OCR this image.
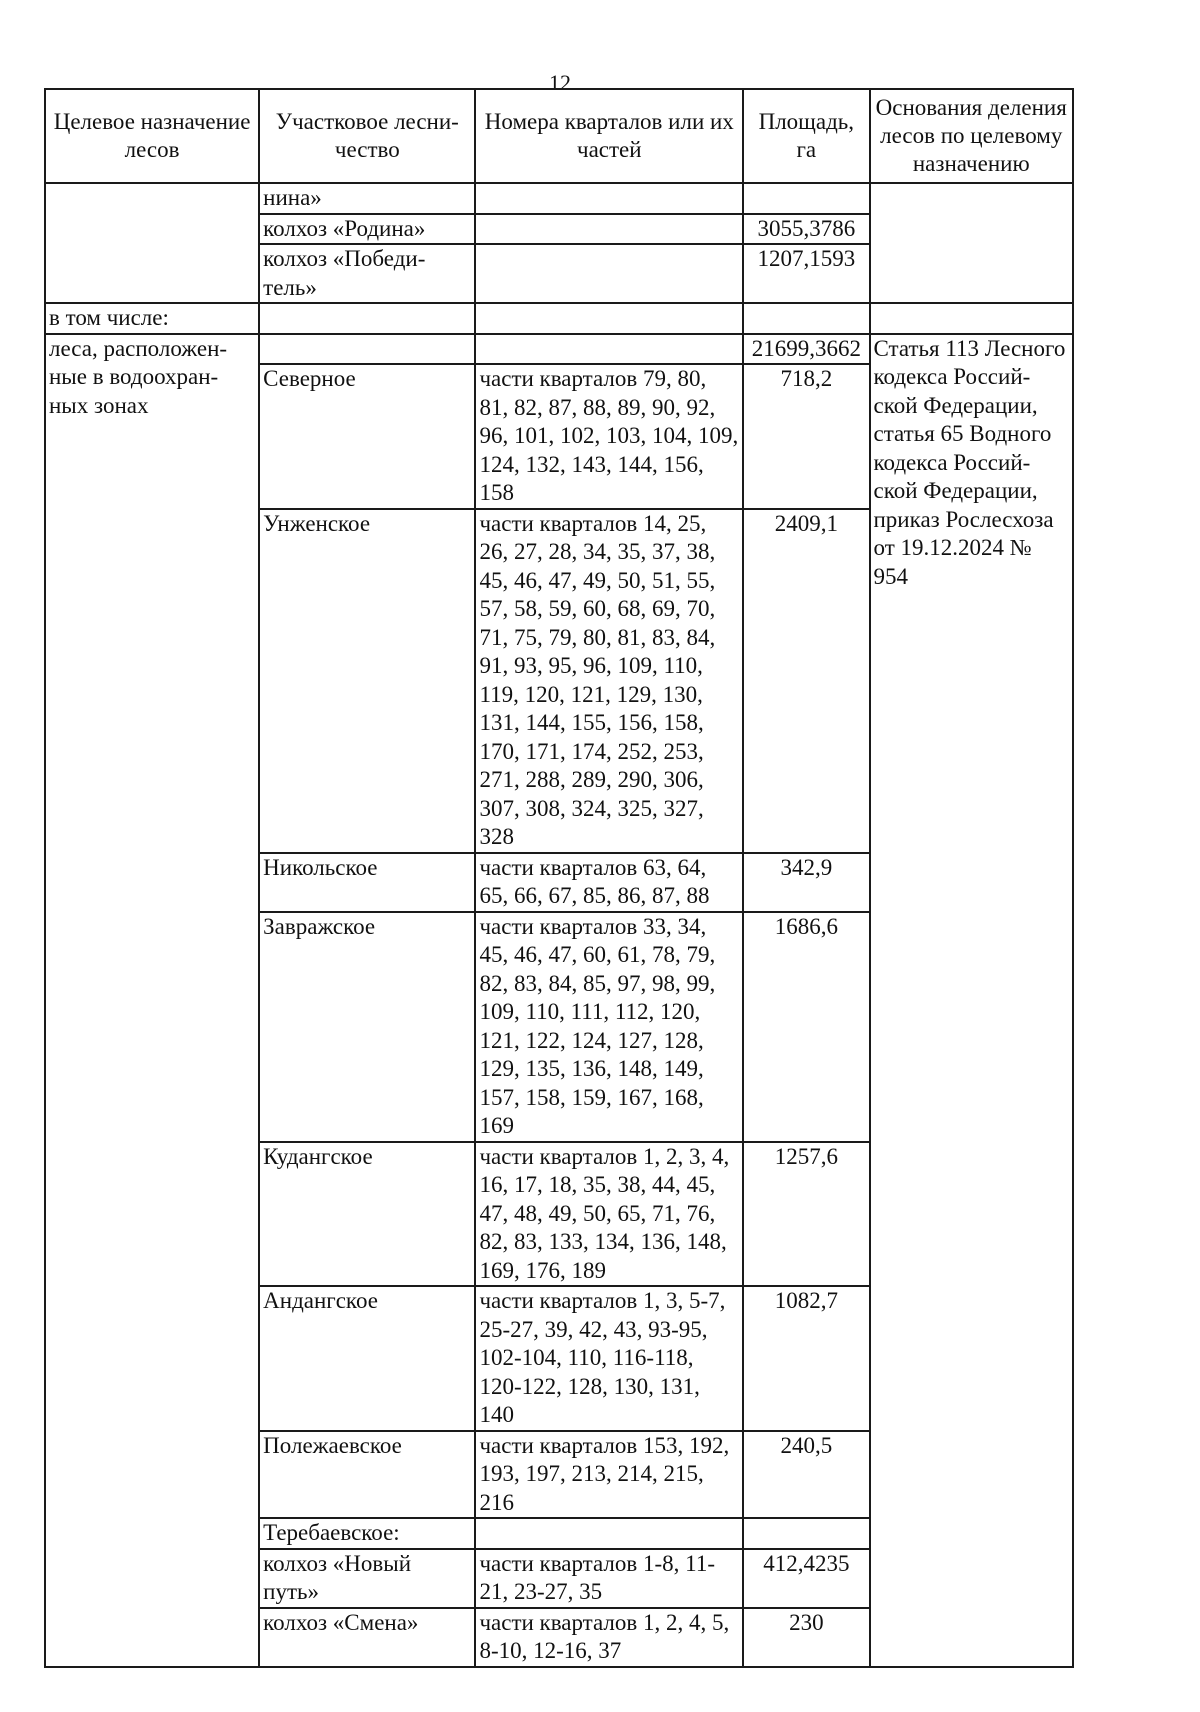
12
Целевое назначение лесов	Участковое лесни-чество	Номера кварталов или их частей	Площадь, га	Основания деления лесов по целевому назначению
	нина»			
	колхоз «Родина»		3055,3786	
	колхоз «Победи-тель»		1207,1593	
в том числе:				
леса, расположен-ные в водоохран-ных зонах			21699,3662	Статья 113 Лесного кодекса Россий-ской Федерации, статья 65 Водного кодекса Россий-ской Федерации, приказ Рослесхоза от 19.12.2024 № 954
	Северное	части кварталов 79, 80, 81, 82, 87, 88, 89, 90, 92, 96, 101, 102, 103, 104, 109, 124, 132, 143, 144, 156, 158	718,2	
	Унженское	части кварталов 14, 25, 26, 27, 28, 34, 35, 37, 38, 45, 46, 47, 49, 50, 51, 55, 57, 58, 59, 60, 68, 69, 70, 71, 75, 79, 80, 81, 83, 84, 91, 93, 95, 96, 109, 110, 119, 120, 121, 129, 130, 131, 144, 155, 156, 158, 170, 171, 174, 252, 253, 271, 288, 289, 290, 306, 307, 308, 324, 325, 327, 328	2409,1	
	Никольское	части кварталов 63, 64, 65, 66, 67, 85, 86, 87, 88	342,9	
	Завражское	части кварталов 33, 34, 45, 46, 47, 60, 61, 78, 79, 82, 83, 84, 85, 97, 98, 99, 109, 110, 111, 112, 120, 121, 122, 124, 127, 128, 129, 135, 136, 148, 149, 157, 158, 159, 167, 168, 169	1686,6	
	Кудангское	части кварталов 1, 2, 3, 4, 16, 17, 18, 35, 38, 44, 45, 47, 48, 49, 50, 65, 71, 76, 82, 83, 133, 134, 136, 148, 169, 176, 189	1257,6	
	Андангское	части кварталов 1, 3, 5-7, 25-27, 39, 42, 43, 93-95, 102-104, 110, 116-118, 120-122, 128, 130, 131, 140	1082,7	
	Полежаевское	части кварталов 153, 192, 193, 197, 213, 214, 215, 216	240,5	
	Теребаевское:			
	колхоз «Новый путь»	части кварталов 1-8, 11-21, 23-27, 35	412,4235	
	колхоз «Смена»	части кварталов 1, 2, 4, 5, 8-10, 12-16, 37	230	
